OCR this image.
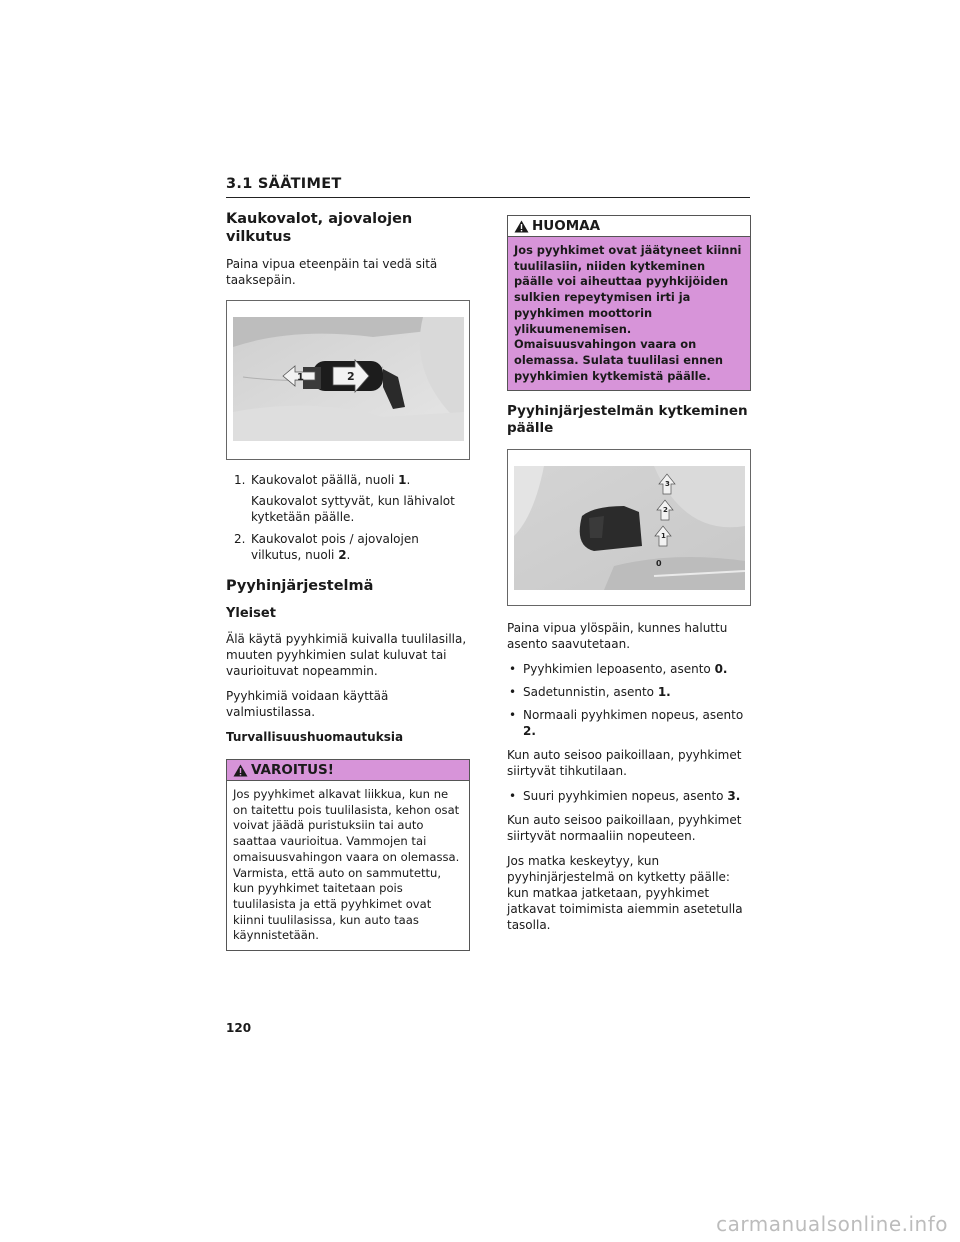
3.1 SÄÄTIMET
Kaukovalot, ajovalojen vilkutus

Paina vipua eteenpäin tai vedä sitä taaksepäin.

1	2
1. Kaukovalot päällä, nuoli 1.
Kaukovalot syttyvät, kun lähivalot kytketään päälle.
2. Kaukovalot pois / ajovalojen vilkutus, nuoli 2.
Pyyhinjärjestelmä
Yleiset

Älä käytä pyyhkimiä kuivalla tuulilasilla, muuten pyyhkimien sulat kuluvat tai vaurioituvat nopeammin.

Pyyhkimiä voidaan käyttää valmiustilassa.

Turvallisuushuomautuksia
VAROITUS!
Jos pyyhkimet alkavat liikkua, kun ne on taitettu pois tuulilasista, kehon osat voivat jäädä puristuksiin tai auto saattaa vaurioitua. Vammojen tai omaisuusvahingon vaara on olemassa. Varmista, että auto on sammutettu, kun pyyhkimet taitetaan pois tuulilasista ja että pyyhkimet ovat kiinni tuulilasissa, kun auto taas käynnistetään.
HUOMAA
Jos pyyhkimet ovat jäätyneet kiinni tuulilasiin, niiden kytkeminen päälle voi aiheuttaa pyyhkijöiden sulkien repeytymisen irti ja pyyhkimen moottorin ylikuumenemisen. Omaisuusvahingon vaara on olemassa. Sulata tuulilasi ennen pyyhkimien kytkemistä päälle.
Pyyhinjärjestelmän kytkeminen päälle
3
2
1
0

Paina vipua ylöspäin, kunnes haluttu asento saavutetaan.

• Pyyhkimien lepoasento, asento 0.
• Sadetunnistin, asento 1.
• Normaali pyyhkimen nopeus, asento 2.

Kun auto seisoo paikoillaan, pyyhkimet siirtyvät tihkutilaan.

• Suuri pyyhkimien nopeus, asento 3.

Kun auto seisoo paikoillaan, pyyhkimet siirtyvät normaaliin nopeuteen.

Jos matka keskeytyy, kun pyyhinjärjestelmä on kytketty päälle: kun matkaa jatketaan, pyyhkimet jatkavat toimimista aiemmin asetetulla tasolla.

120
carmanualsonline.info
